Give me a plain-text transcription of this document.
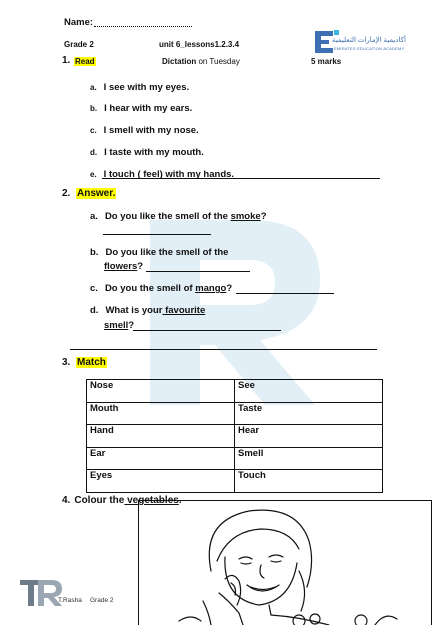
Name:
Grade 2	unit 6_lessons1.2.3.4	أكاديمية الإمارات التعليمية
EMIRATES EDUCATION ACADEMY
1. Read	Dictation on Tuesday	5 marks
a. I see with my eyes.
b. I hear with my ears.
c. I smell with my nose.
d. I taste with my mouth.
e. I touch ( feel) with my hands.
2. Answer.
a. Do you like the smell of the smoke?
b. Do you like the smell of the
flowers?
c. Do you the smell of mango?
d. What is your favourite
smell?
3. Match
Nose	See
Mouth	Taste
Hand	Hear
Ear	Smell
Eyes	Touch
4. Colour the vegetables.
T.Rasha Grade 2
